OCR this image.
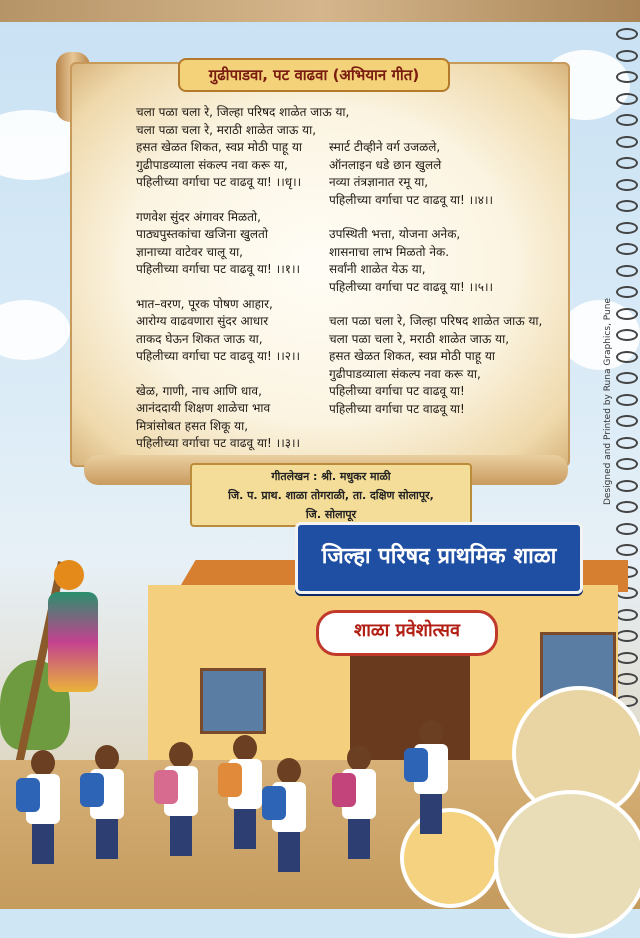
गुढीपाडवा, पट वाढवा (अभियान गीत)
चला पळा चला रे, जिल्हा परिषद शाळेत जाऊ या,
चला पळा चला रे, मराठी शाळेत जाऊ या,
हसत खेळत शिकत, स्वप्न मोठी पाहू या
गुढीपाडव्याला संकल्प नवा करू या,
पहिलीच्या वर्गाचा पट वाढवू या! ।।धृ।।
गणवेश सुंदर अंगावर मिळतो,
पाठ्यपुस्तकांचा खजिना खुलतो
ज्ञानाच्या वाटेवर चालू या,
पहिलीच्या वर्गाचा पट वाढवू या! ।।१।।
भात–वरण, पूरक पोषण आहार,
आरोग्य वाढवणारा सुंदर आधार
ताकद घेऊन शिकत जाऊ या,
पहिलीच्या वर्गाचा पट वाढवू या! ।।२।।
खेळ, गाणी, नाच आणि धाव,
आनंददायी शिक्षण शाळेचा भाव
मित्रांसोबत हसत शिकू या,
पहिलीच्या वर्गाचा पट वाढवू या! ।।३।।
स्मार्ट टीव्हीने वर्ग उजळले,
ऑनलाइन धडे छान खुलले
नव्या तंत्रज्ञानात रमू या,
पहिलीच्या वर्गाचा पट वाढवू या! ।।४।।
उपस्थिती भत्ता, योजना अनेक,
शासनाचा लाभ मिळतो नेक.
सर्वांनी शाळेत येऊ या,
पहिलीच्या वर्गाचा पट वाढवू या! ।।५।।
चला पळा चला रे, जिल्हा परिषद शाळेत जाऊ या,
चला पळा चला रे, मराठी शाळेत जाऊ या,
हसत खेळत शिकत, स्वप्न मोठी पाहू या
गुढीपाडव्याला संकल्प नवा करू या,
पहिलीच्या वर्गाचा पट वाढवू या!
पहिलीच्या वर्गाचा पट वाढवू या!
गीतलेखन : श्री. मधुकर माळी
जि. प. प्राथ. शाळा तोगराळी, ता. दक्षिण सोलापूर,
जि. सोलापूर
Designed and Printed by Runa Graphics, Pune
जिल्हा परिषद प्राथमिक शाळा
शाळा प्रवेशोत्सव
